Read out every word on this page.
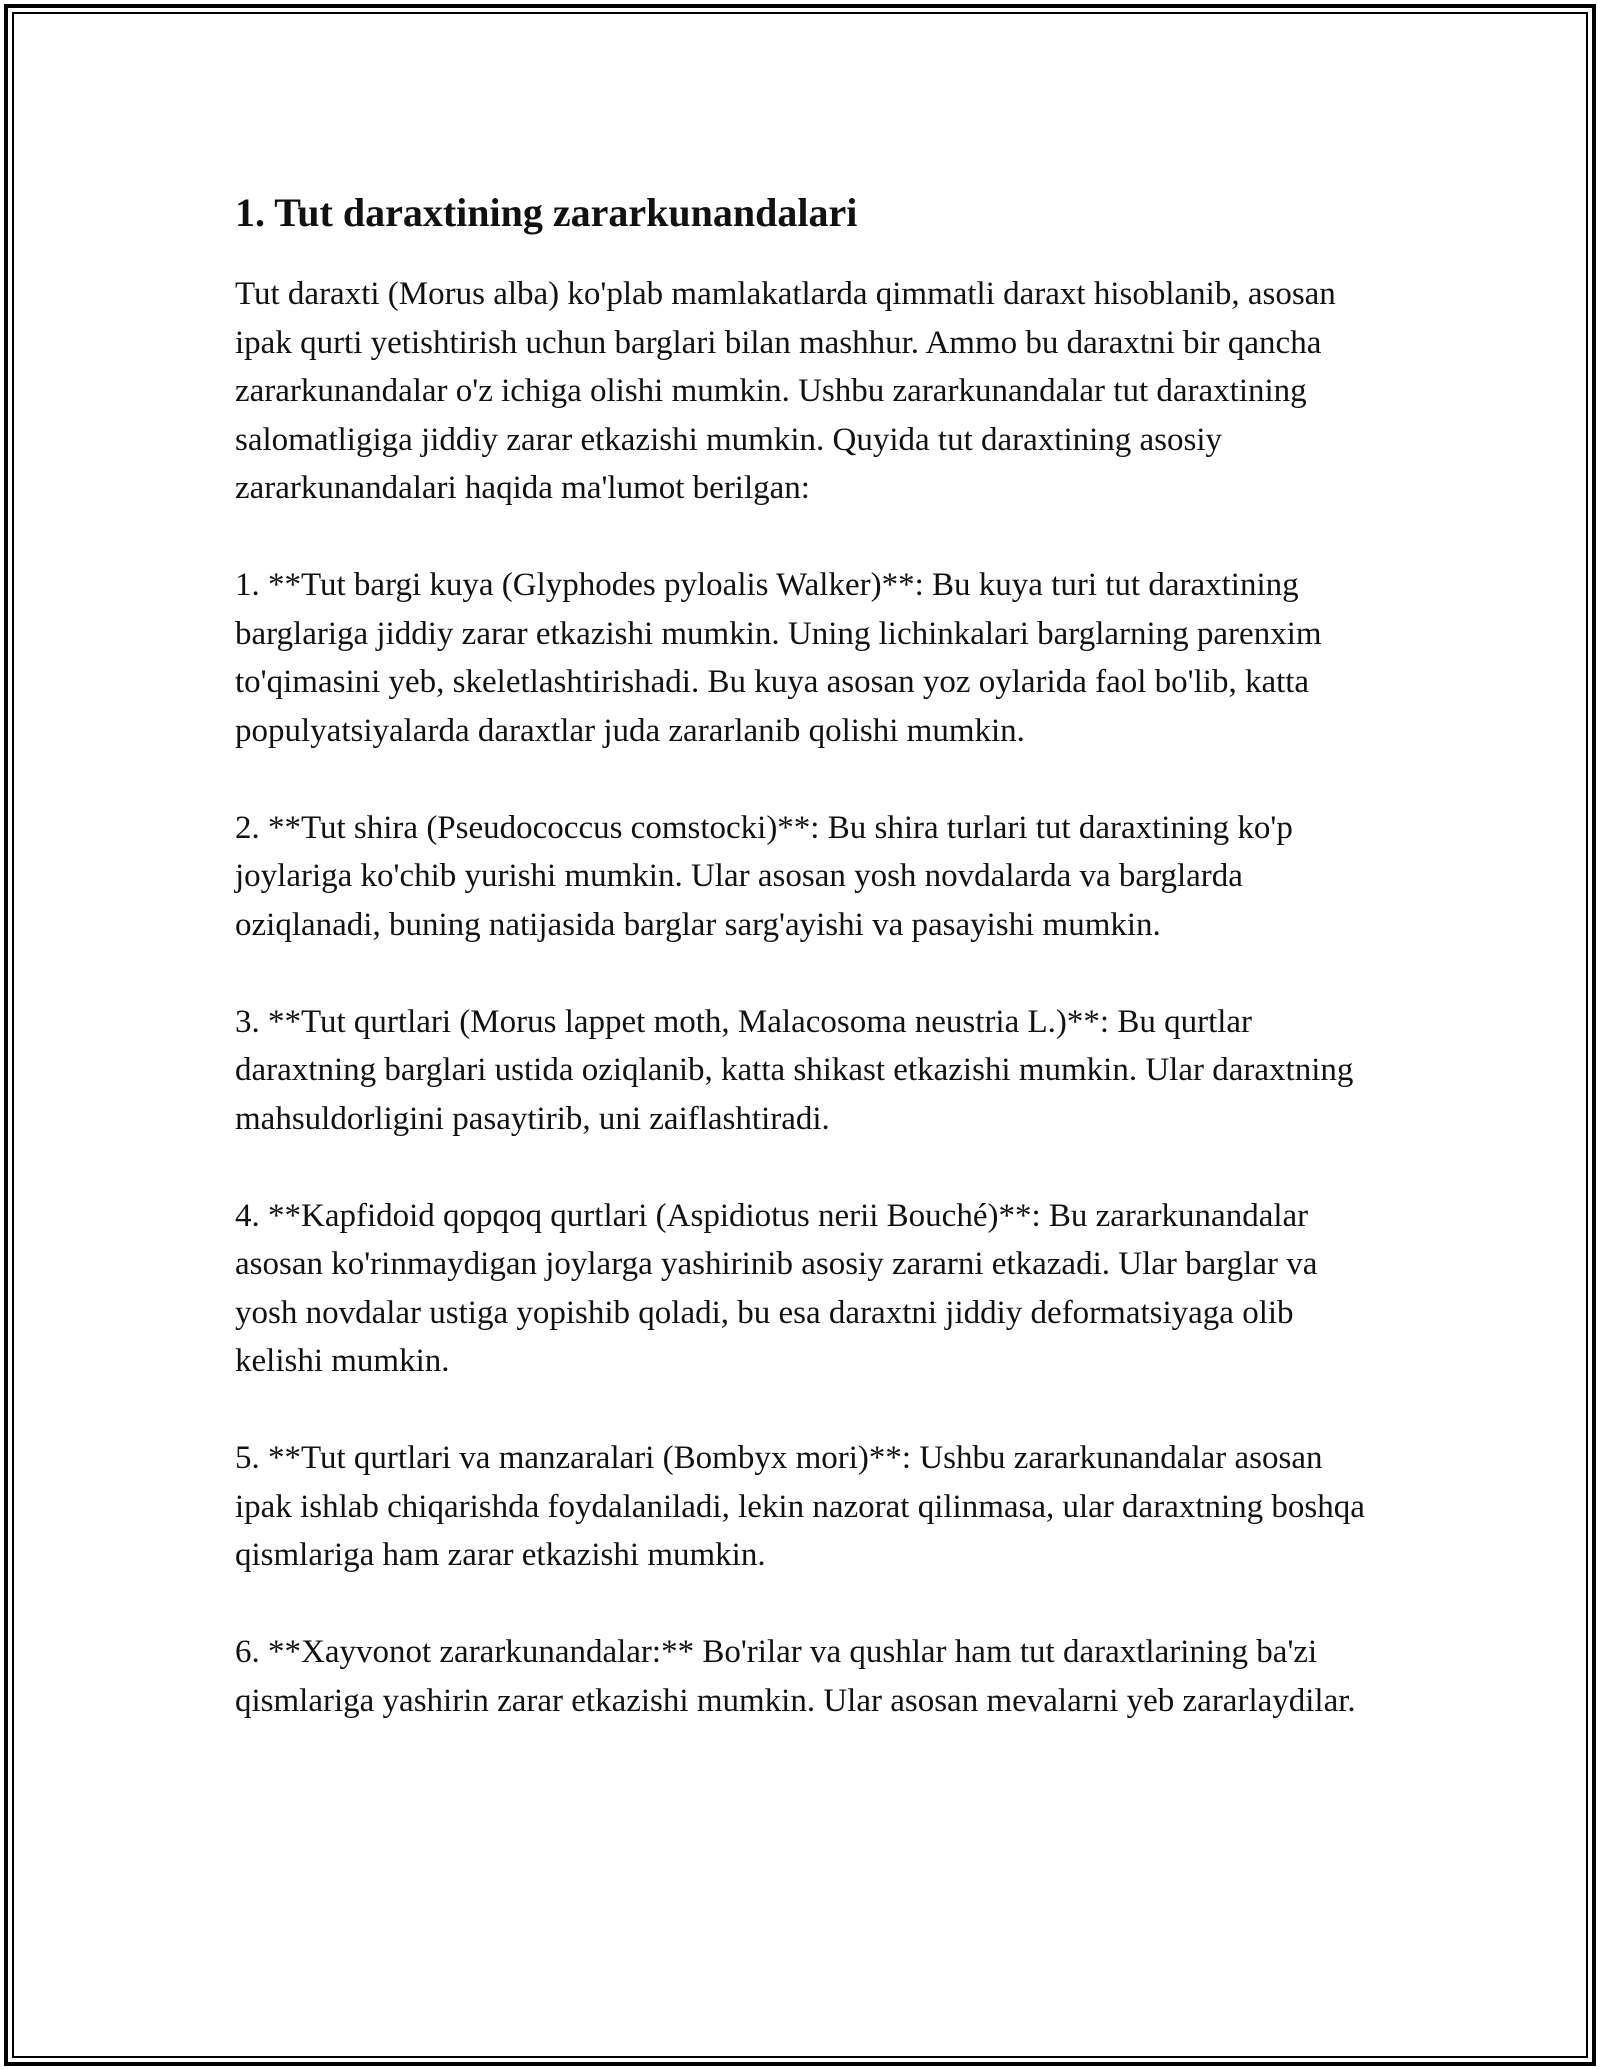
1. Tut daraxtining zararkunandalari

Tut daraxti (Morus alba) ko'plab mamlakatlarda qimmatli daraxt hisoblanib, asosan ipak qurti yetishtirish uchun barglari bilan mashhur. Ammo bu daraxtni bir qancha zararkunandalar o'z ichiga olishi mumkin. Ushbu zararkunandalar tut daraxtining salomatligiga jiddiy zarar etkazishi mumkin. Quyida tut daraxtining asosiy zararkunandalari haqida ma'lumot berilgan:

1. **Tut bargi kuya (Glyphodes pyloalis Walker)**: Bu kuya turi tut daraxtining barglariga jiddiy zarar etkazishi mumkin. Uning lichinkalari barglarning parenxim to'qimasini yeb, skeletlashtirishadi. Bu kuya asosan yoz oylarida faol bo'lib, katta populyatsiyalarda daraxtlar juda zararlanib qolishi mumkin.

2. **Tut shira (Pseudococcus comstocki)**: Bu shira turlari tut daraxtining ko'p joylariga ko'chib yurishi mumkin. Ular asosan yosh novdalarda va barglarda oziqlanadi, buning natijasida barglar sarg'ayishi va pasayishi mumkin.

3. **Tut qurtlari (Morus lappet moth, Malacosoma neustria L.)**: Bu qurtlar daraxtning barglari ustida oziqlanib, katta shikast etkazishi mumkin. Ular daraxtning mahsuldorligini pasaytirib, uni zaiflashtiradi.

4. **Kapfidoid qopqoq qurtlari (Aspidiotus nerii Bouché)**: Bu zararkunandalar asosan ko'rinmaydigan joylarga yashirinib asosiy zararni etkazadi. Ular barglar va yosh novdalar ustiga yopishib qoladi, bu esa daraxtni jiddiy deformatsiyaga olib kelishi mumkin.

5. **Tut qurtlari va manzaralari (Bombyx mori)**: Ushbu zararkunandalar asosan ipak ishlab chiqarishda foydalaniladi, lekin nazorat qilinmasa, ular daraxtning boshqa qismlariga ham zarar etkazishi mumkin.

6. **Xayvonot zararkunandalar:** Bo'rilar va qushlar ham tut daraxtlarining ba'zi qismlariga yashirin zarar etkazishi mumkin. Ular asosan mevalarni yeb zararlaydilar.
